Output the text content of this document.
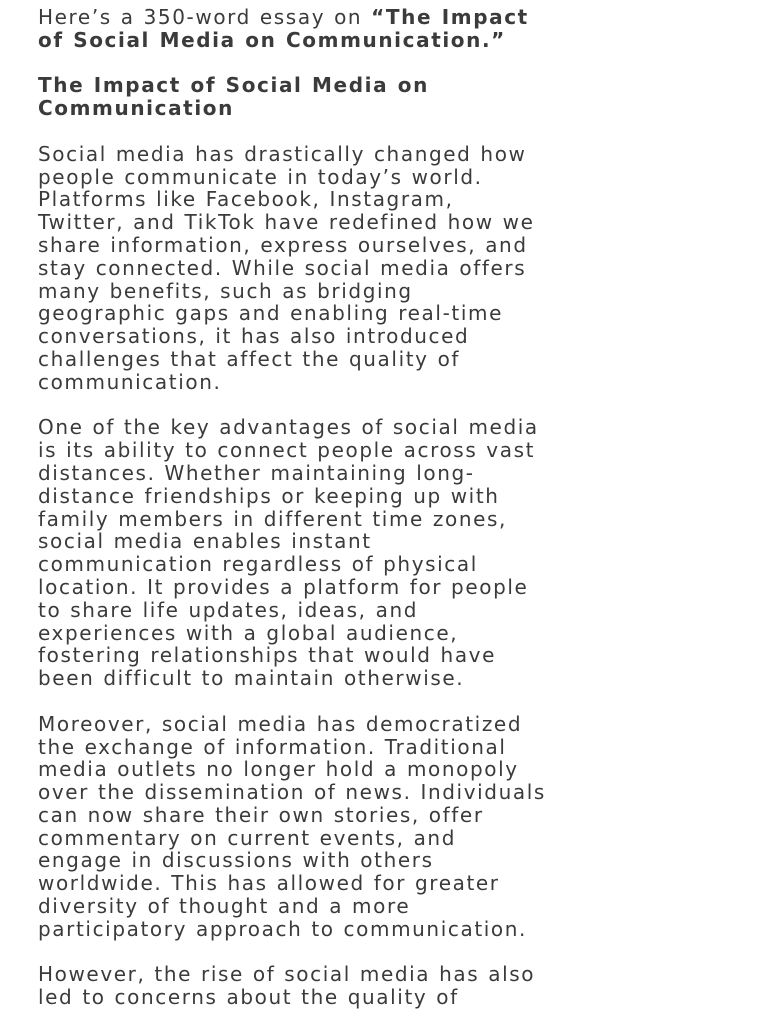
Here’s a 350-word essay on “The Impact
of Social Media on Communication.”

The Impact of Social Media on
Communication

Social media has drastically changed how
people communicate in today’s world.
Platforms like Facebook, Instagram,
Twitter, and TikTok have redefined how we
share information, express ourselves, and
stay connected. While social media offers
many benefits, such as bridging
geographic gaps and enabling real-time
conversations, it has also introduced
challenges that affect the quality of
communication.

One of the key advantages of social media
is its ability to connect people across vast
distances. Whether maintaining long-
distance friendships or keeping up with
family members in different time zones,
social media enables instant
communication regardless of physical
location. It provides a platform for people
to share life updates, ideas, and
experiences with a global audience,
fostering relationships that would have
been difficult to maintain otherwise.

Moreover, social media has democratized
the exchange of information. Traditional
media outlets no longer hold a monopoly
over the dissemination of news. Individuals
can now share their own stories, offer
commentary on current events, and
engage in discussions with others
worldwide. This has allowed for greater
diversity of thought and a more
participatory approach to communication.

However, the rise of social media has also
led to concerns about the quality of
